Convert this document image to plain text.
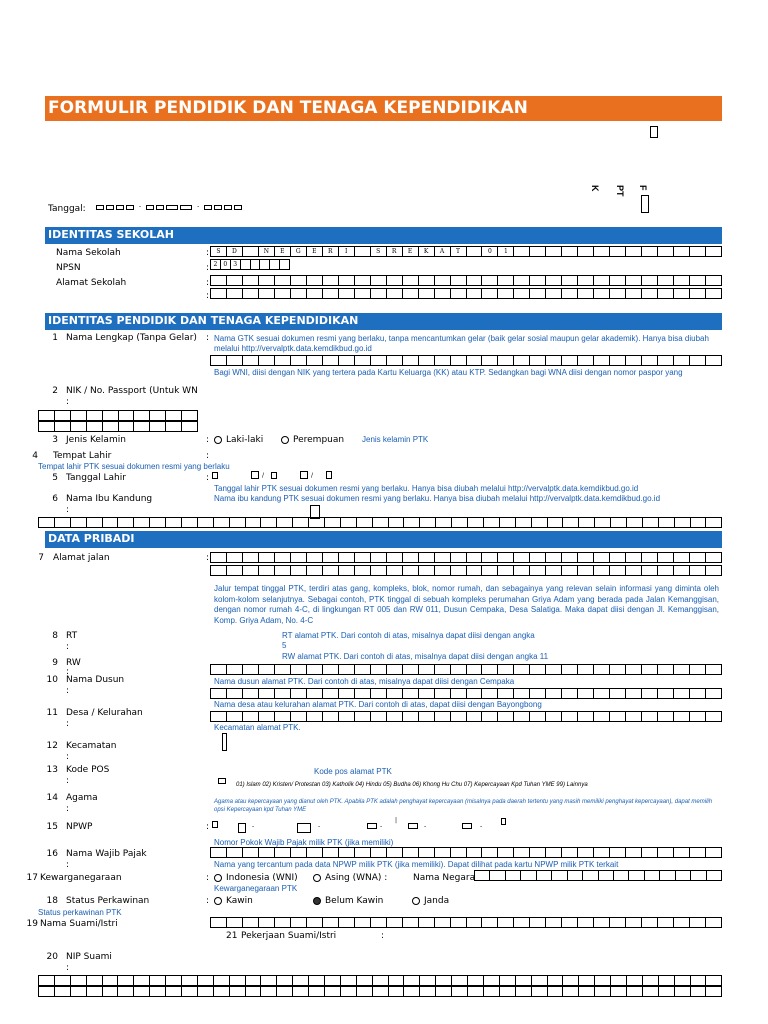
FORMULIR PENDIDIK DAN TENAGA KEPENDIDIKAN
K PT F
Tanggal:	-	-
IDENTITAS SEKOLAH
Nama Sekolah	:	S	D	N	E	G	E	R	I	S	R	E	K	A	T	0	1
NPSN	: 2	0	3
Alamat Sekolah	:
:
IDENTITAS PENDIDIK DAN TENAGA KEPENDIDIKAN
1 Nama Lengkap (Tanpa Gelar) : Nama GTK sesuai dokumen resmi yang berlaku, tanpa mencantumkan gelar (baik gelar sosial maupun gelar akademik). Hanya bisa diubah melalui http://vervalptk.data.kemdikbud.go.id
Bagi WNI, diisi dengan NIK yang tertera pada Kartu Keluarga (KK) atau KTP. Sedangkan bagi WNA diisi dengan nomor paspor yang
2 NIK / No. Passport (Untuk WN
:
3 Jenis Kelamin	: Laki-laki	Perempuan Jenis kelamin PTK
4 Tempat Lahir	:
Tempat lahir PTK sesuai dokumen resmi yang berlaku
5 Tanggal Lahir	:	/	/
Tanggal lahir PTK sesuai dokumen resmi yang berlaku. Hanya bisa diubah melalui http://vervalptk.data.kemdikbud.go.id
6 Nama Ibu Kandung	Nama ibu kandung PTK sesuai dokumen resmi yang berlaku. Hanya bisa diubah melalui http://vervalptk.data.kemdikbud.go.id
:
DATA PRIBADI
7 Alamat jalan	:
Jalur tempat tinggal PTK, terdiri atas gang, kompleks, blok, nomor rumah, dan sebagainya yang relevan selain informasi yang diminta oleh kolom-kolom selanjutnya. Sebagai contoh, PTK tinggal di sebuah kompleks perumahan Griya Adam yang berada pada Jalan Kemanggisan, dengan nomor rumah 4-C, di lingkungan RT 005 dan RW 011, Dusun Cempaka, Desa Salatiga. Maka dapat diisi dengan Jl. Kemanggisan, Komp. Griya Adam, No. 4-C
8 RT
:
RT alamat PTK. Dari contoh di atas, misalnya dapat diisi dengan angka
5
RW alamat PTK. Dari contoh di atas, misalnya dapat diisi dengan angka 11
9 RW
:
10 Nama Dusun
:
Nama dusun alamat PTK. Dari contoh di atas, misalnya dapat diisi dengan Cempaka
Nama desa atau kelurahan alamat PTK. Dari contoh di atas, dapat diisi dengan Bayongbong
11 Desa / Kelurahan
:	Kecamatan alamat PTK.
12 Kecamatan
:
Kode pos alamat PTK
13 Kode POS
:	01) Islam 02) Kristen/ Protestan 03) Katholik 04) Hindu 05) Budha 06) Khong Hu Chu 07) Kepercayaan Kpd Tuhan YME 99) Lainnya
14 Agama
:
Agama atau kepercayaan yang dianut oleh PTK. Apabila PTK adalah penghayat kepercayaan (misalnya pada daerah tertentu yang masih memiliki penghayat kepercayaan), dapat memilih opsi Kepercayaan kpd Tuhan YME
15 NPWP	:	-	-	-
|
-	-
Nomor Pokok Wajib Pajak milik PTK (jika memiliki)
16 Nama Wajib Pajak
:	Nama yang tercantum pada data NPWP milik PTK (jika memiliki). Dapat dilihat pada kartu NPWP milik PTK terkait
17 Kewarganegaraan	: Indonesia (WNI)	Asing (WNA) :	Nama Negara
Kewarganegaraan PTK
18 Status Perkawinan	: Kawin	Belum Kawin	Janda
Status perkawinan PTK
19 Nama Suami/Istri
21 Pekerjaan Suami/Istri	:
20 NIP Suami
:
